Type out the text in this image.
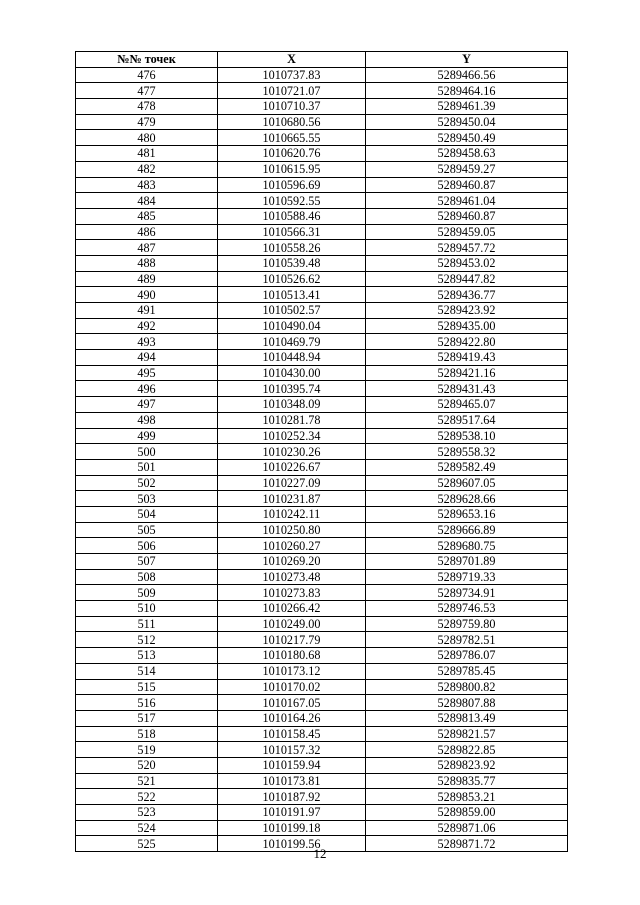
№№ точек	X	Y
476	1010737.83	5289466.56
477	1010721.07	5289464.16
478	1010710.37	5289461.39
479	1010680.56	5289450.04
480	1010665.55	5289450.49
481	1010620.76	5289458.63
482	1010615.95	5289459.27
483	1010596.69	5289460.87
484	1010592.55	5289461.04
485	1010588.46	5289460.87
486	1010566.31	5289459.05
487	1010558.26	5289457.72
488	1010539.48	5289453.02
489	1010526.62	5289447.82
490	1010513.41	5289436.77
491	1010502.57	5289423.92
492	1010490.04	5289435.00
493	1010469.79	5289422.80
494	1010448.94	5289419.43
495	1010430.00	5289421.16
496	1010395.74	5289431.43
497	1010348.09	5289465.07
498	1010281.78	5289517.64
499	1010252.34	5289538.10
500	1010230.26	5289558.32
501	1010226.67	5289582.49
502	1010227.09	5289607.05
503	1010231.87	5289628.66
504	1010242.11	5289653.16
505	1010250.80	5289666.89
506	1010260.27	5289680.75
507	1010269.20	5289701.89
508	1010273.48	5289719.33
509	1010273.83	5289734.91
510	1010266.42	5289746.53
511	1010249.00	5289759.80
512	1010217.79	5289782.51
513	1010180.68	5289786.07
514	1010173.12	5289785.45
515	1010170.02	5289800.82
516	1010167.05	5289807.88
517	1010164.26	5289813.49
518	1010158.45	5289821.57
519	1010157.32	5289822.85
520	1010159.94	5289823.92
521	1010173.81	5289835.77
522	1010187.92	5289853.21
523	1010191.97	5289859.00
524	1010199.18	5289871.06
525	1010199.56	5289871.72
12
